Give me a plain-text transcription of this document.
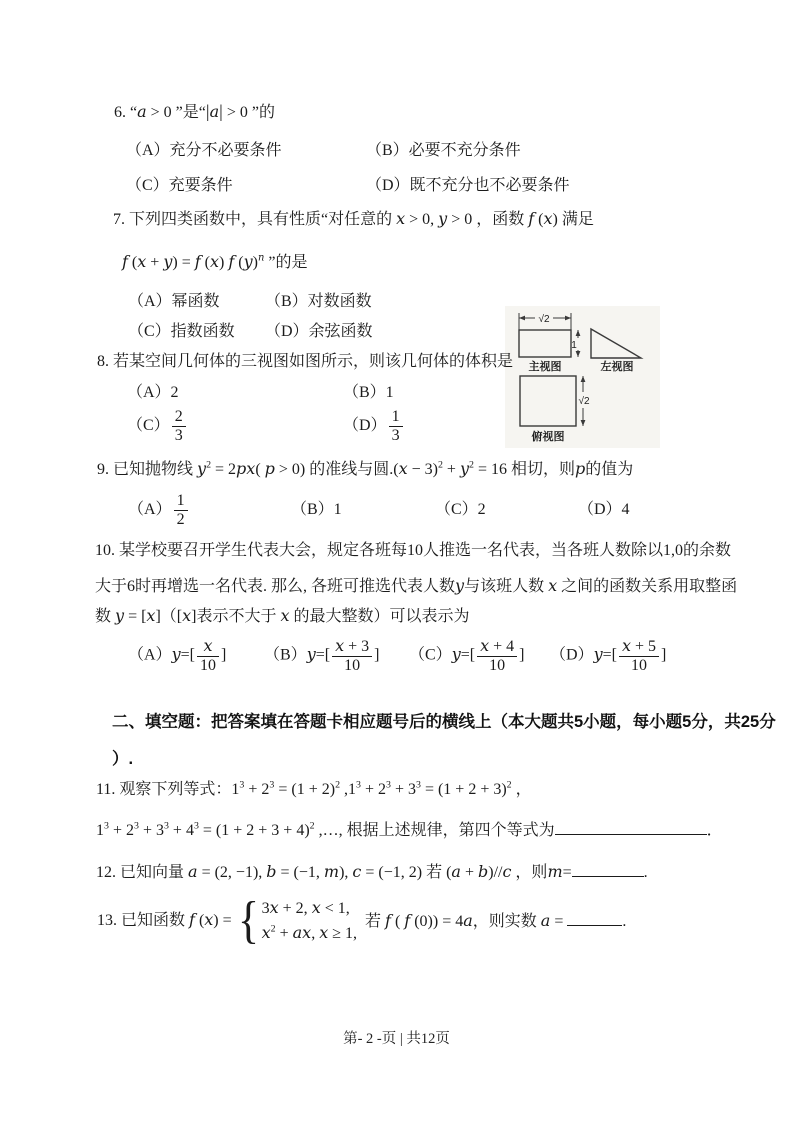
6. “a > 0 ”是“|a| > 0 ”的
（A）充分不必要条件	（B）必要不充分条件
（C）充要条件	（D）既不充分也不必要条件
7. 下列四类函数中，具有性质“对任意的 x > 0, y > 0 ，函数 f (x) 满足
f (x + y) = f (x) f $(y)^n$ ”的是
（A）幂函数	（B）对数函数
（C）指数函数	（D）余弦函数
√2
1
主视图	左视图
√2
俯视图
8. 若某空间几何体的三视图如图所示，则该几何体的体积是
（A）2	（B）1
$(C) \frac{2}{3}$	$(D) \frac{1}{3}$
9. 已知抛物线 $y^2 = 2px$( p > 0) 的准线与圆$.(x - 3)^2 + y^2 = 16$ 相切，则p的值为
$(A) \frac{1}{2}$	（B）1	（C）2	（D）4
10. 某学校要召开学生代表大会，规定各班每10人推选一名代表，当各班人数除以1,0的余数
大于6时再增选一名代表. 那么, 各班可推选代表人数y与该班人数 x 之间的函数关系用取整函
数 y = [x]（[x]表示不大于 x 的最大整数）可以表示为
$(A)y=[ \frac{x}{10}$ ]	$(B)y=[ \frac{x + 3}{10}$ ]	$(C)y=[ \frac{x + 4}{10}$ ]	$(D)y=[ \frac{x + 5}{10}$ ]
二、填空题：把答案填在答题卡相应题号后的横线上（本大题共5小题，每小题5分，共25分
）.
11. 观察下列等式：$1^3 + 2^3 = (1 + 2)^2$ $,1^3 + 2^3 + 3^3 = (1 + 2 + 3)^2$ ，
$1^3 + 2^3 + 3^3 + 4^3 = (1 + 2 + 3 + 4)^2$ ,…, 根据上述规律，第四个等式为	．
12. 已知向量 a = (2, −1), b = (−1, m), c = (−1, 2) 若 (a + b)//c ，则m=	.
13. 已知函数 f (x) = { 3x + 2, x < 1,
$x^2$ + ax, x ≥ 1,
若 f ( f (0)) = 4a，则实数 a =	.
第- 2 -页 | 共12页
